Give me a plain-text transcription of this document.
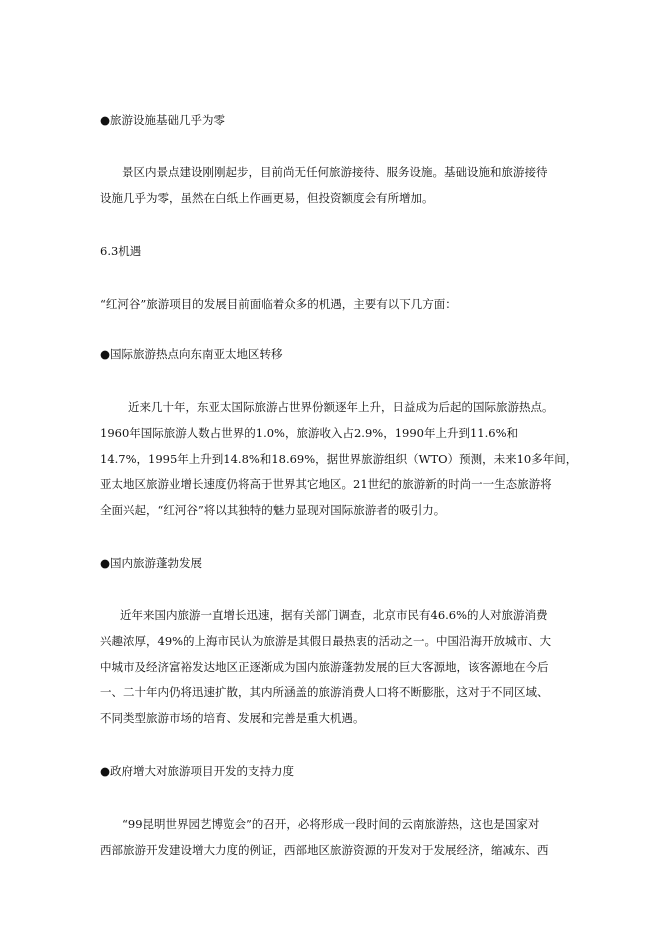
●旅游设施基础几乎为零
景区内景点建设刚刚起步，目前尚无任何旅游接待、服务设施。基础设施和旅游接待
设施几乎为零，虽然在白纸上作画更易，但投资额度会有所增加。
6.3机遇
“红河谷”旅游项目的发展目前面临着众多的机遇，主要有以下几方面：
●国际旅游热点向东南亚太地区转移
近来几十年，东亚太国际旅游占世界份额逐年上升，日益成为后起的国际旅游热点。
1960年国际旅游人数占世界的1.0%，旅游收入占2.9%，1990年上升到11.6%和
14.7%，1995年上升到14.8%和18.69%，据世界旅游组织（WTO）预测，未来10多年间，
亚太地区旅游业增长速度仍将高于世界其它地区。21世纪的旅游新的时尚一一生态旅游将
全面兴起，“红河谷”将以其独特的魅力显现对国际旅游者的吸引力。
●国内旅游蓬勃发展
近年来国内旅游一直增长迅速，据有关部门调查，北京市民有46.6%的人对旅游消费
兴趣浓厚，49%的上海市民认为旅游是其假日最热衷的活动之一。中国沿海开放城市、大
中城市及经济富裕发达地区正逐渐成为国内旅游蓬勃发展的巨大客源地，该客源地在今后
一、二十年内仍将迅速扩散，其内所涵盖的旅游消费人口将不断膨胀，这对于不同区域、
不同类型旅游市场的培育、发展和完善是重大机遇。
●政府增大对旅游项目开发的支持力度
“99昆明世界园艺博览会”的召开，必将形成一段时间的云南旅游热，这也是国家对
西部旅游开发建设增大力度的例证，西部地区旅游资源的开发对于发展经济，缩减东、西
